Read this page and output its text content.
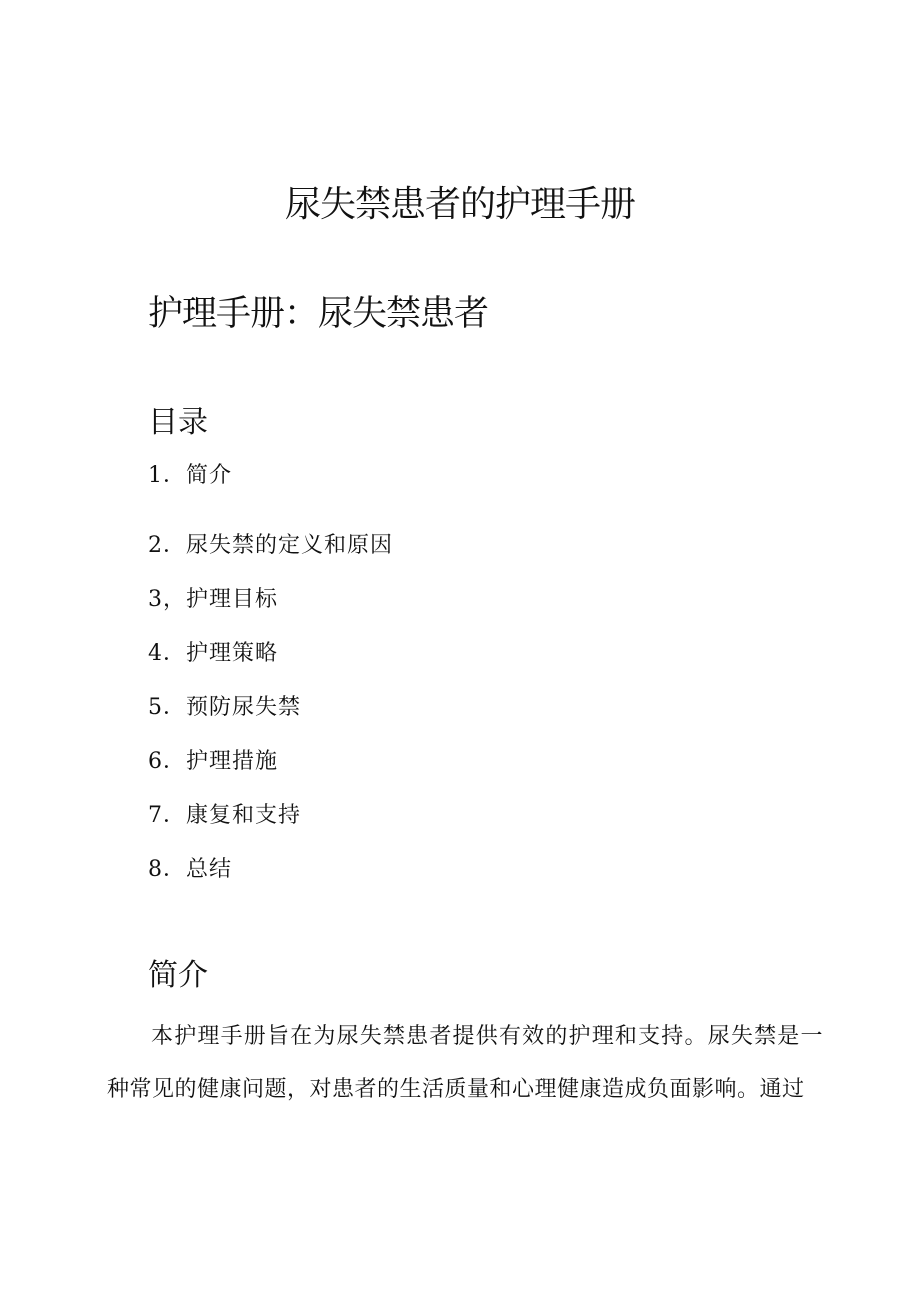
尿失禁患者的护理手册
护理手册：尿失禁患者
目录
1．简介
2．尿失禁的定义和原因
3，护理目标
4．护理策略
5．预防尿失禁
6．护理措施
7．康复和支持
8．总结
简介

本护理手册旨在为尿失禁患者提供有效的护理和支持。尿失禁是一种常见的健康问题，对患者的生活质量和心理健康造成负面影响。通过
